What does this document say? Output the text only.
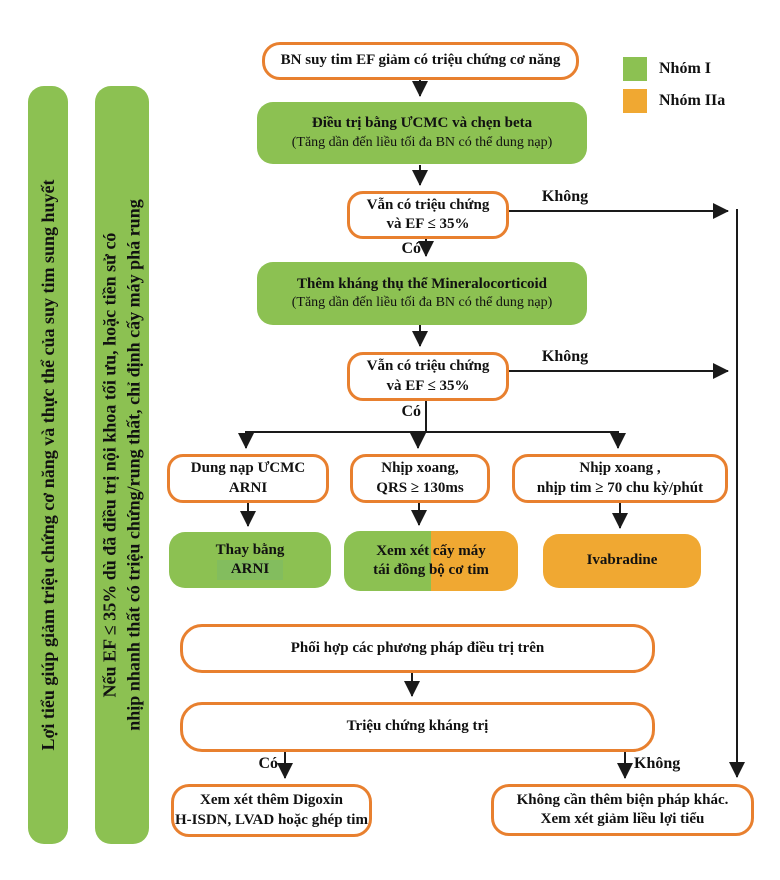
Lợi tiểu giúp giảm triệu chứng cơ năng và thực thể của suy tim sung huyết Nếu EF ≤ 35% dù đã điều trị nội khoa tối ưu, hoặc tiền sử có nhịp nhanh thất có triệu chứng/rung thất, chỉ định cấy máy phá rung
Nhóm I
Nhóm IIa
BN suy tim EF giảm có triệu chứng cơ năng
Điều trị bằng ƯCMC và chẹn beta
(Tăng dần đến liều tối đa BN có thể dung nạp)
Vẫn có triệu chứng
và EF ≤ 35%
Thêm kháng thụ thể Mineralocorticoid
(Tăng dần đến liều tối đa BN có thể dung nạp)
Vẫn có triệu chứng
và EF ≤ 35%
Dung nạp ƯCMC
ARNI
Nhịp xoang,
QRS ≥ 130ms
Nhịp xoang ,
nhịp tim ≥ 70 chu kỳ/phút
Thay bằng
ARNI
Xem xét cấy máy
tái đồng bộ cơ tim
Ivabradine
Phối hợp các phương pháp điều trị trên
Triệu chứng kháng trị
Xem xét thêm Digoxin
H-ISDN, LVAD hoặc ghép tim
Không cần thêm biện pháp khác.
Xem xét giảm liều lợi tiểu
Không
Có
Không
Có
Có	Không
